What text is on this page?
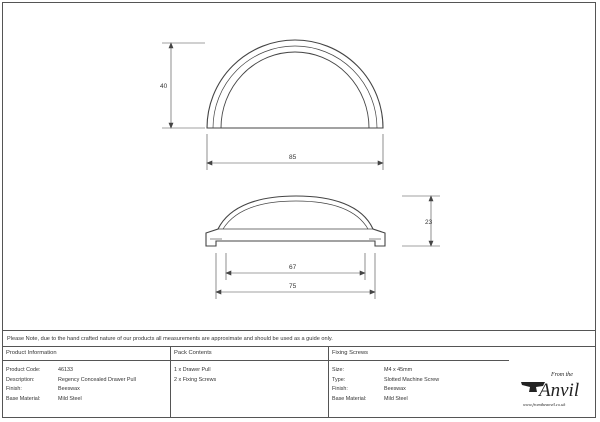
40
85
23
67
75
Please Note, due to the hand crafted nature of our products all measurements are approximate and should be used as a guide only.
Product Information
Product Code:	46133
Description:	Regency Concealed Drawer Pull
Finish:	Beeswax
Base Material:	Mild Steel
Pack Contents
1 x Drawer Pull
2 x Fixing Screws
Fixing Screws
Size:	M4 x 45mm
Type:	Slotted Machine Screw
Finish:	Beeswax
Base Material:	Mild Steel
From the
Anvil
www.fromtheanvil.co.uk
